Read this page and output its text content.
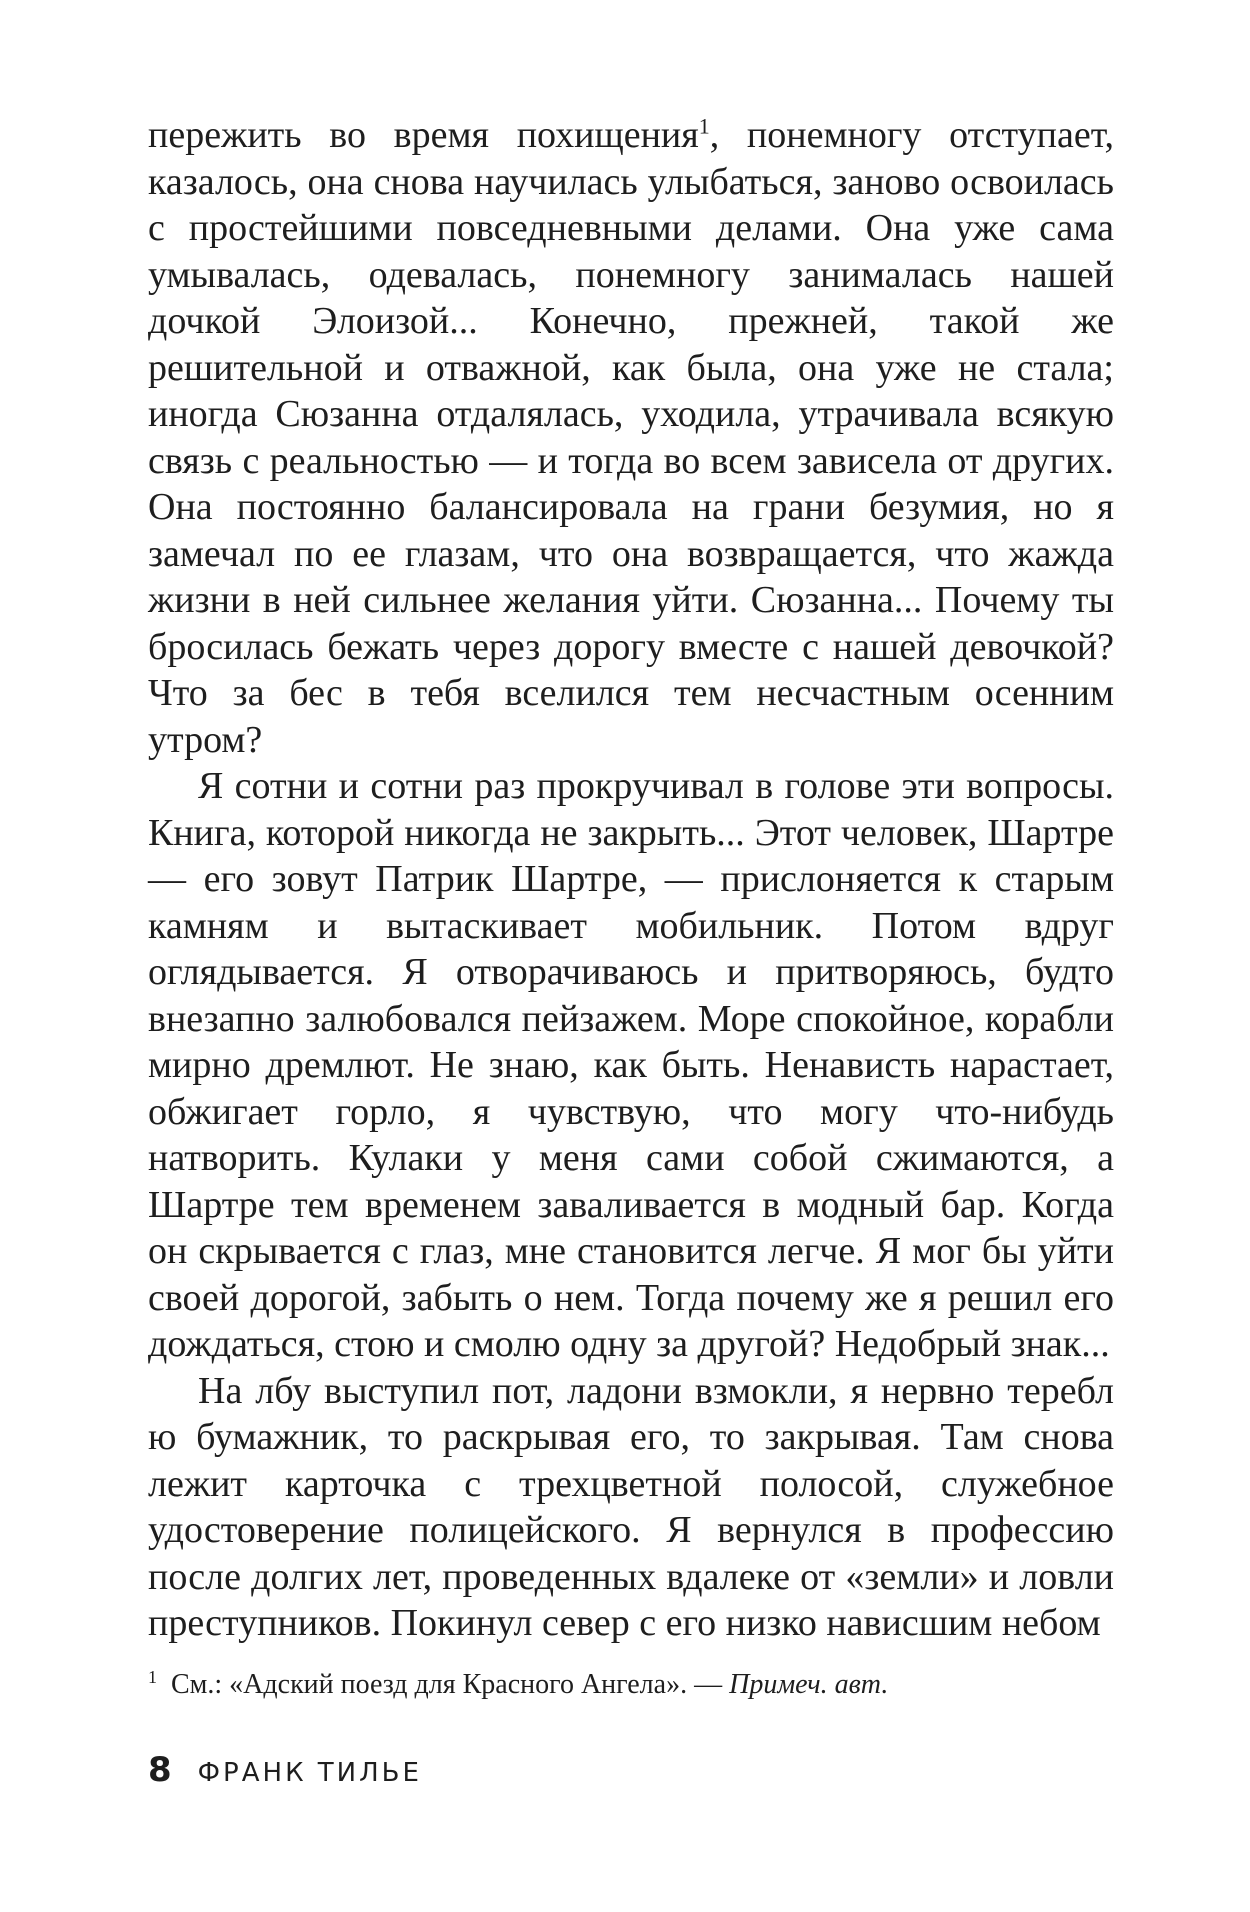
пережить во время похищения$^1$, понемногу отступает, казалось, она снова научилась улыбаться, заново освоилась с простейшими повседневными делами. Она уже сама умывалась, одевалась, понемногу занималась нашей дочкой Элоизой... Конечно, прежней, такой же решительной и отважной, как была, она уже не стала; иногда Сюзанна отдалялась, уходила, утрачивала всякую связь с реальностью — и тогда во всем зависела от других. Она постоянно балансировала на грани безумия, но я замечал по ее глазам, что она возвращается, что жажда жизни в ней сильнее желания уйти. Сюзанна... Почему ты бросилась бежать через дорогу вместе с нашей девочкой? Что за бес в тебя вселился тем несчастным осенним утром?

Я сотни и сотни раз прокручивал в голове эти вопросы. Книга, которой никогда не закрыть... Этот человек, Шартре — его зовут Патрик Шартре, — прислоняется к старым камням и вытаскивает мобильник. Потом вдруг оглядывается. Я отворачиваюсь и притворяюсь, будто внезапно залюбовался пейзажем. Море спокойное, корабли мирно дремлют. Не знаю, как быть. Ненависть нарастает, обжигает горло, я чувствую, что могу что-нибудь натворить. Кулаки у меня сами собой сжимаются, а Шартре тем временем заваливается в модный бар. Когда он скрывается с глаз, мне становится легче. Я мог бы уйти своей дорогой, забыть о нем. Тогда почему же я решил его дождаться, стою и смолю одну за другой? Недобрый знак...

На лбу выступил пот, ладони взмокли, я нервно теребл ю бумажник, то раскрывая его, то закрывая. Там снова лежит карточка с трехцветной полосой, служебное удостоверение полицейского. Я вернулся в профессию после долгих лет, проведенных вдалеке от «земли» и ловли преступников. Покинул север с его низко нависшим небом

$^1$ См.: «Адский поезд для Красного Ангела». — Примеч. авт.
8 ФРАНК ТИЛЬЕ
